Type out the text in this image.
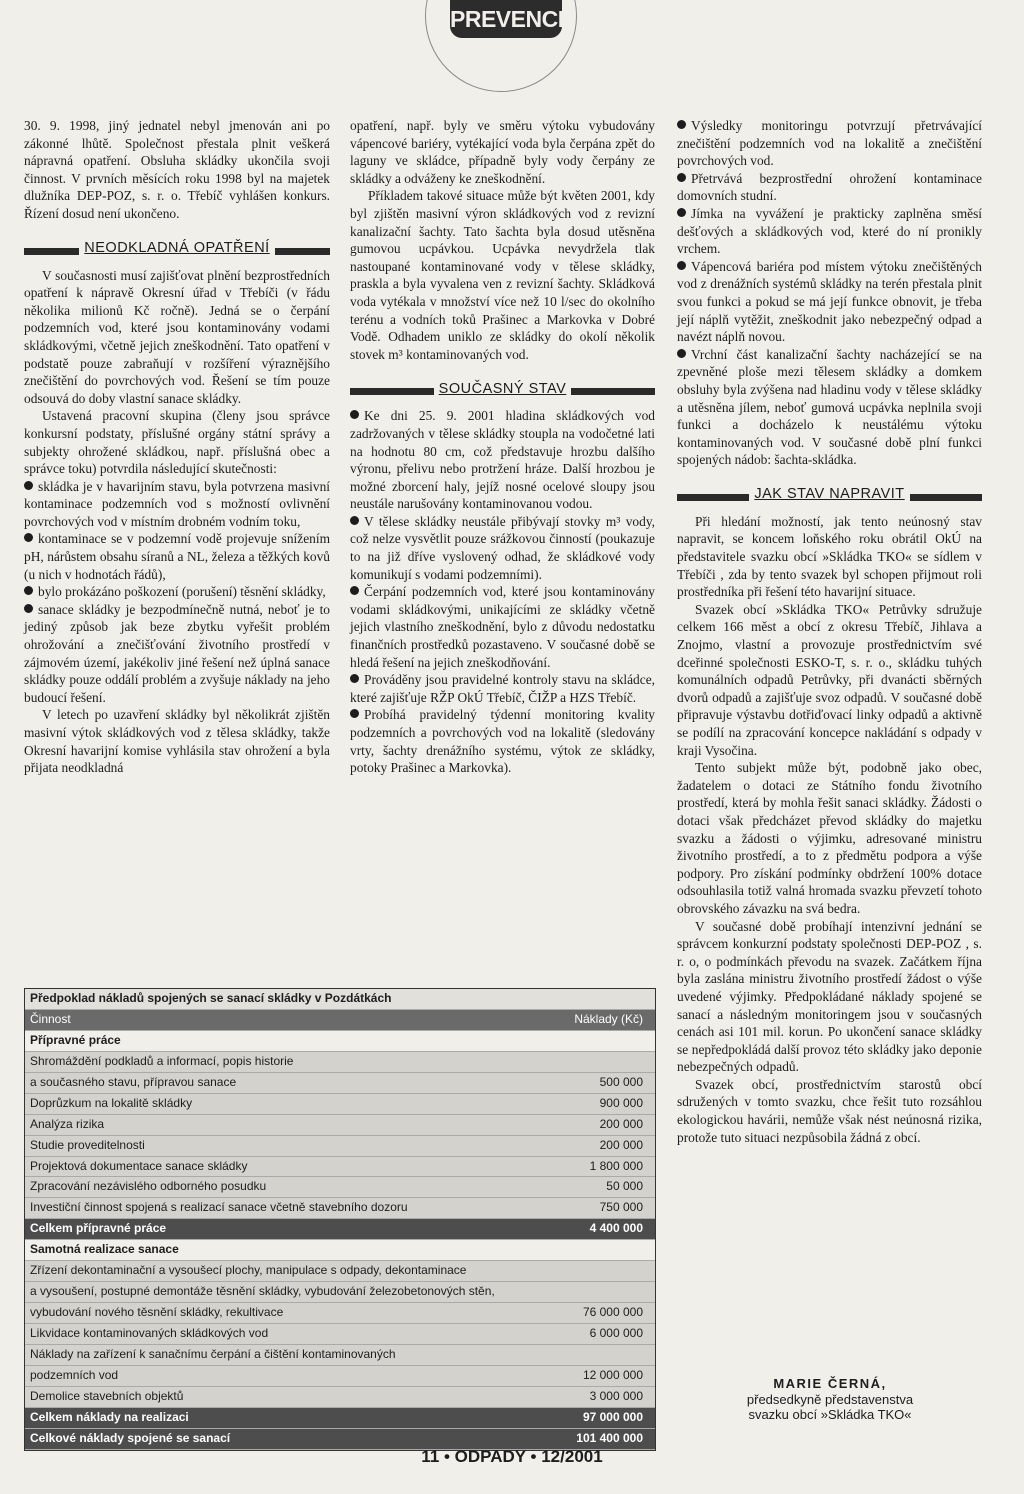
PREVENCE

30. 9. 1998, jiný jednatel nebyl jmenován ani po zákonné lhůtě. Společnost přestala plnit veškerá nápravná opatření. Obsluha skládky ukončila svoji činnost. V prvních měsících roku 1998 byl na majetek dlužníka DEP-POZ, s. r. o. Třebíč vyhlášen konkurs. Řízení dosud není ukončeno.

NEODKLADNÁ OPATŘENÍ

V současnosti musí zajišťovat plnění bezprostředních opatření k nápravě Okresní úřad v Třebíči (v řádu několika milionů Kč ročně). Jedná se o čerpání podzemních vod, které jsou kontaminovány vodami skládkovými, včetně jejich zneškodnění. Tato opatření v podstatě pouze zabraňují v rozšíření výraznějšího znečištění do povrchových vod. Řešení se tím pouze odsouvá do doby vlastní sanace skládky.

Ustavená pracovní skupina (členy jsou správce konkursní podstaty, příslušné orgány státní správy a subjekty ohrožené skládkou, např. příslušná obec a správce toku) potvrdila následující skutečnosti:

skládka je v havarijním stavu, byla potvrzena masivní kontaminace podzemních vod s možností ovlivnění povrchových vod v místním drobném vodním toku,

kontaminace se v podzemní vodě projevuje snížením pH, nárůstem obsahu síranů a NL, železa a těžkých kovů (u nich v hodnotách řádů),

bylo prokázáno poškození (porušení) těsnění skládky,

sanace skládky je bezpodmínečně nutná, neboť je to jediný způsob jak beze zbytku vyřešit problém ohrožování a znečišťování životního prostředí v zájmovém území, jakékoliv jiné řešení než úplná sanace skládky pouze oddálí problém a zvyšuje náklady na jeho budoucí řešení.

V letech po uzavření skládky byl několikrát zjištěn masivní výtok skládkových vod z tělesa skládky, takže Okresní havarijní komise vyhlásila stav ohrožení a byla přijata neodkladná

opatření, např. byly ve směru výtoku vybudovány vápencové bariéry, vytékající voda byla čerpána zpět do laguny ve skládce, případně byly vody čerpány ze skládky a odváženy ke zneškodnění.

Příkladem takové situace může být květen 2001, kdy byl zjištěn masivní výron skládkových vod z revizní kanalizační šachty. Tato šachta byla dosud utěsněna gumovou ucpávkou. Ucpávka nevydržela tlak nastoupané kontaminované vody v tělese skládky, praskla a byla vyvalena ven z revizní šachty. Skládková voda vytékala v množství více než 10 l/sec do okolního terénu a vodních toků Prašinec a Markovka v Dobré Vodě. Odhadem uniklo ze skládky do okolí několik stovek m³ kontaminovaných vod.

SOUČASNÝ STAV

Ke dni 25. 9. 2001 hladina skládkových vod zadržovaných v tělese skládky stoupla na vodočetné lati na hodnotu 80 cm, což představuje hrozbu dalšího výronu, přelivu nebo protržení hráze. Další hrozbou je možné zborcení haly, jejíž nosné ocelové sloupy jsou neustále narušovány kontaminovanou vodou.

V tělese skládky neustále přibývají stovky m³ vody, což nelze vysvětlit pouze srážkovou činností (poukazuje to na již dříve vyslovený odhad, že skládkové vody komunikují s vodami podzemními).

Čerpání podzemních vod, které jsou kontaminovány vodami skládkovými, unikajícími ze skládky včetně jejich vlastního zneškodnění, bylo z důvodu nedostatku finančních prostředků pozastaveno. V současné době se hledá řešení na jejich zneškodňování.

Prováděny jsou pravidelné kontroly stavu na skládce, které zajišťuje RŽP OkÚ Třebíč, ČIŽP a HZS Třebíč.

Probíhá pravidelný týdenní monitoring kvality podzemních a povrchových vod na lokalitě (sledovány vrty, šachty drenážního systému, výtok ze skládky, potoky Prašinec a Markovka).

Výsledky monitoringu potvrzují přetrvávající znečištění podzemních vod na lokalitě a znečištění povrchových vod.

Přetrvává bezprostřední ohrožení kontaminace domovních studní.

Jímka na vyvážení je prakticky zaplněna směsí dešťových a skládkových vod, které do ní pronikly vrchem.

Vápencová bariéra pod místem výtoku znečištěných vod z drenážních systémů skládky na terén přestala plnit svou funkci a pokud se má její funkce obnovit, je třeba její náplň vytěžit, zneškodnit jako nebezpečný odpad a navézt náplň novou.

Vrchní část kanalizační šachty nacházející se na zpevněné ploše mezi tělesem skládky a domkem obsluhy byla zvýšena nad hladinu vody v tělese skládky a utěsněna jílem, neboť gumová ucpávka neplnila svoji funkci a docházelo k neustálému výtoku kontaminovaných vod. V současné době plní funkci spojených nádob: šachta-skládka.

JAK STAV NAPRAVIT

Při hledání možností, jak tento neúnosný stav napravit, se koncem loňského roku obrátil OkÚ na představitele svazku obcí »Skládka TKO« se sídlem v Třebíči , zda by tento svazek byl schopen přijmout roli prostředníka při řešení této havarijní situace.

Svazek obcí »Skládka TKO« Petrůvky sdružuje celkem 166 měst a obcí z okresu Třebíč, Jihlava a Znojmo, vlastní a provozuje prostřednictvím své dceřinné společnosti ESKO-T, s. r. o., skládku tuhých komunálních odpadů Petrůvky, při dvanácti sběrných dvorů odpadů a zajišťuje svoz odpadů. V současné době připravuje výstavbu dotřiďovací linky odpadů a aktivně se podílí na zpracování koncepce nakládání s odpady v kraji Vysočina.

Tento subjekt může být, podobně jako obec, žadatelem o dotaci ze Státního fondu životního prostředí, která by mohla řešit sanaci skládky. Žádosti o dotaci však předcházet převod skládky do majetku svazku a žádosti o výjimku, adresované ministru životního prostředí, a to z předmětu podpora a výše podpory. Pro získání podmínky obdržení 100% dotace odsouhlasila totiž valná hromada svazku převzetí tohoto obrovského závazku na svá bedra.

V současné době probíhají intenzivní jednání se správcem konkurzní podstaty společnosti DEP-POZ , s. r. o, o podmínkách převodu na svazek. Začátkem října byla zaslána ministru životního prostředí žádost o výše uvedené výjimky. Předpokládané náklady spojené se sanací a následným monitoringem jsou v současných cenách asi 101 mil. korun. Po ukončení sanace skládky se nepředpokládá další provoz této skládky jako deponie nebezpečných odpadů.

Svazek obcí, prostřednictvím starostů obcí sdružených v tomto svazku, chce řešit tuto rozsáhlou ekologickou havárii, nemůže však nést neúnosná rizika, protože tuto situaci nezpůsobila žádná z obcí.

MARIE ČERNÁ,
předsedkyně představenstva
svazku obcí »Skládka TKO«
Předpoklad nákladů spojených se sanací skládky v Pozdátkách
Činnost	Náklady (Kč)
Přípravné práce
Shromáždění podkladů a informací, popis historie
a současného stavu, přípravou sanace	500 000
Doprůzkum na lokalitě skládky	900 000
Analýza rizika	200 000
Studie proveditelnosti	200 000
Projektová dokumentace sanace skládky	1 800 000
Zpracování nezávislého odborného posudku	50 000
Investiční činnost spojená s realizací sanace včetně stavebního dozoru	750 000
Celkem přípravné práce	4 400 000
Samotná realizace sanace
Zřízení dekontaminační a vysoušecí plochy, manipulace s odpady, dekontaminace
a vysoušení, postupné demontáže těsnění skládky, vybudování železobetonových stěn,
vybudování nového těsnění skládky, rekultivace	76 000 000
Likvidace kontaminovaných skládkových vod	6 000 000
Náklady na zařízení k sanačnímu čerpání a čištění kontaminovaných
podzemních vod	12 000 000
Demolice stavebních objektů	3 000 000
Celkem náklady na realizaci	97 000 000
Celkové náklady spojené se sanací	101 400 000
11 • ODPADY • 12/2001
